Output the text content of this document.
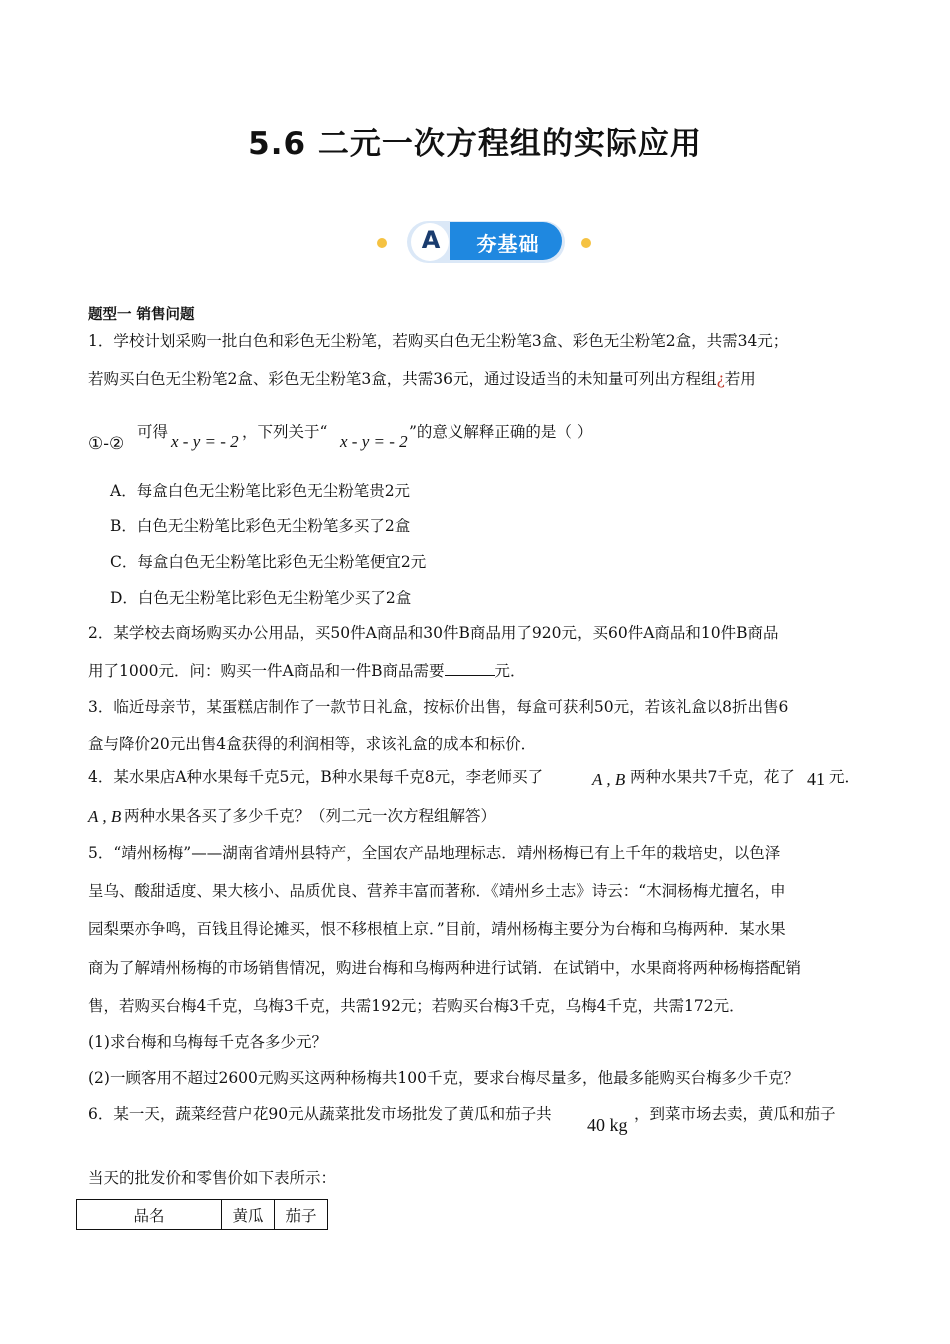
5.6 二元一次方程组的实际应用
A	夯基础
题型一 销售问题
1．学校计划采购一批白色和彩色无尘粉笔，若购买白色无尘粉笔3盒、彩色无尘粉笔2盒，共需34元；
若购买白色无尘粉笔2盒、彩色无尘粉笔3盒，共需36元，通过设适当的未知量可列出方程组¿若用
①-②
可得 x - y = - 2 ，下列关于“ x - y = - 2 ”的意义解释正确的是（ ）
A．每盒白色无尘粉笔比彩色无尘粉笔贵2元
B．白色无尘粉笔比彩色无尘粉笔多买了2盒
C．每盒白色无尘粉笔比彩色无尘粉笔便宜2元
D．白色无尘粉笔比彩色无尘粉笔少买了2盒
2．某学校去商场购买办公用品，买50件A商品和30件B商品用了920元，买60件A商品和10件B商品
用了1000元．问：购买一件A商品和一件B商品需要	元．
3．临近母亲节，某蛋糕店制作了一款节日礼盒，按标价出售，每盒可获利50元，若该礼盒以8折出售6
盒与降价20元出售4盒获得的利润相等，求该礼盒的成本和标价．
4．某水果店A种水果每千克5元，B种水果每千克8元，李老师买了	A , B 两种水果共7千克，花了 41 元．
A , B 两种水果各买了多少千克？（列二元一次方程组解答）
5．“靖州杨梅”——湖南省靖州县特产，全国农产品地理标志．靖州杨梅已有上千年的栽培史，以色泽
呈乌、酸甜适度、果大核小、品质优良、营养丰富而著称．《靖州乡土志》诗云：“木洞杨梅尤擅名，申
园梨栗亦争鸣，百钱且得论摊买，恨不移根植上京．”目前，靖州杨梅主要分为台梅和乌梅两种．某水果
商为了解靖州杨梅的市场销售情况，购进台梅和乌梅两种进行试销．在试销中，水果商将两种杨梅搭配销
售，若购买台梅4千克，乌梅3千克，共需192元；若购买台梅3千克，乌梅4千克，共需172元．
(1)求台梅和乌梅每千克各多少元？
(2)一顾客用不超过2600元购买这两种杨梅共100千克，要求台梅尽量多，他最多能购买台梅多少千克？
6．某一天，蔬菜经营户花90元从蔬菜批发市场批发了黄瓜和茄子共
40 kg
，到菜市场去卖，黄瓜和茄子
当天的批发价和零售价如下表所示：
品名	黄瓜	茄子
